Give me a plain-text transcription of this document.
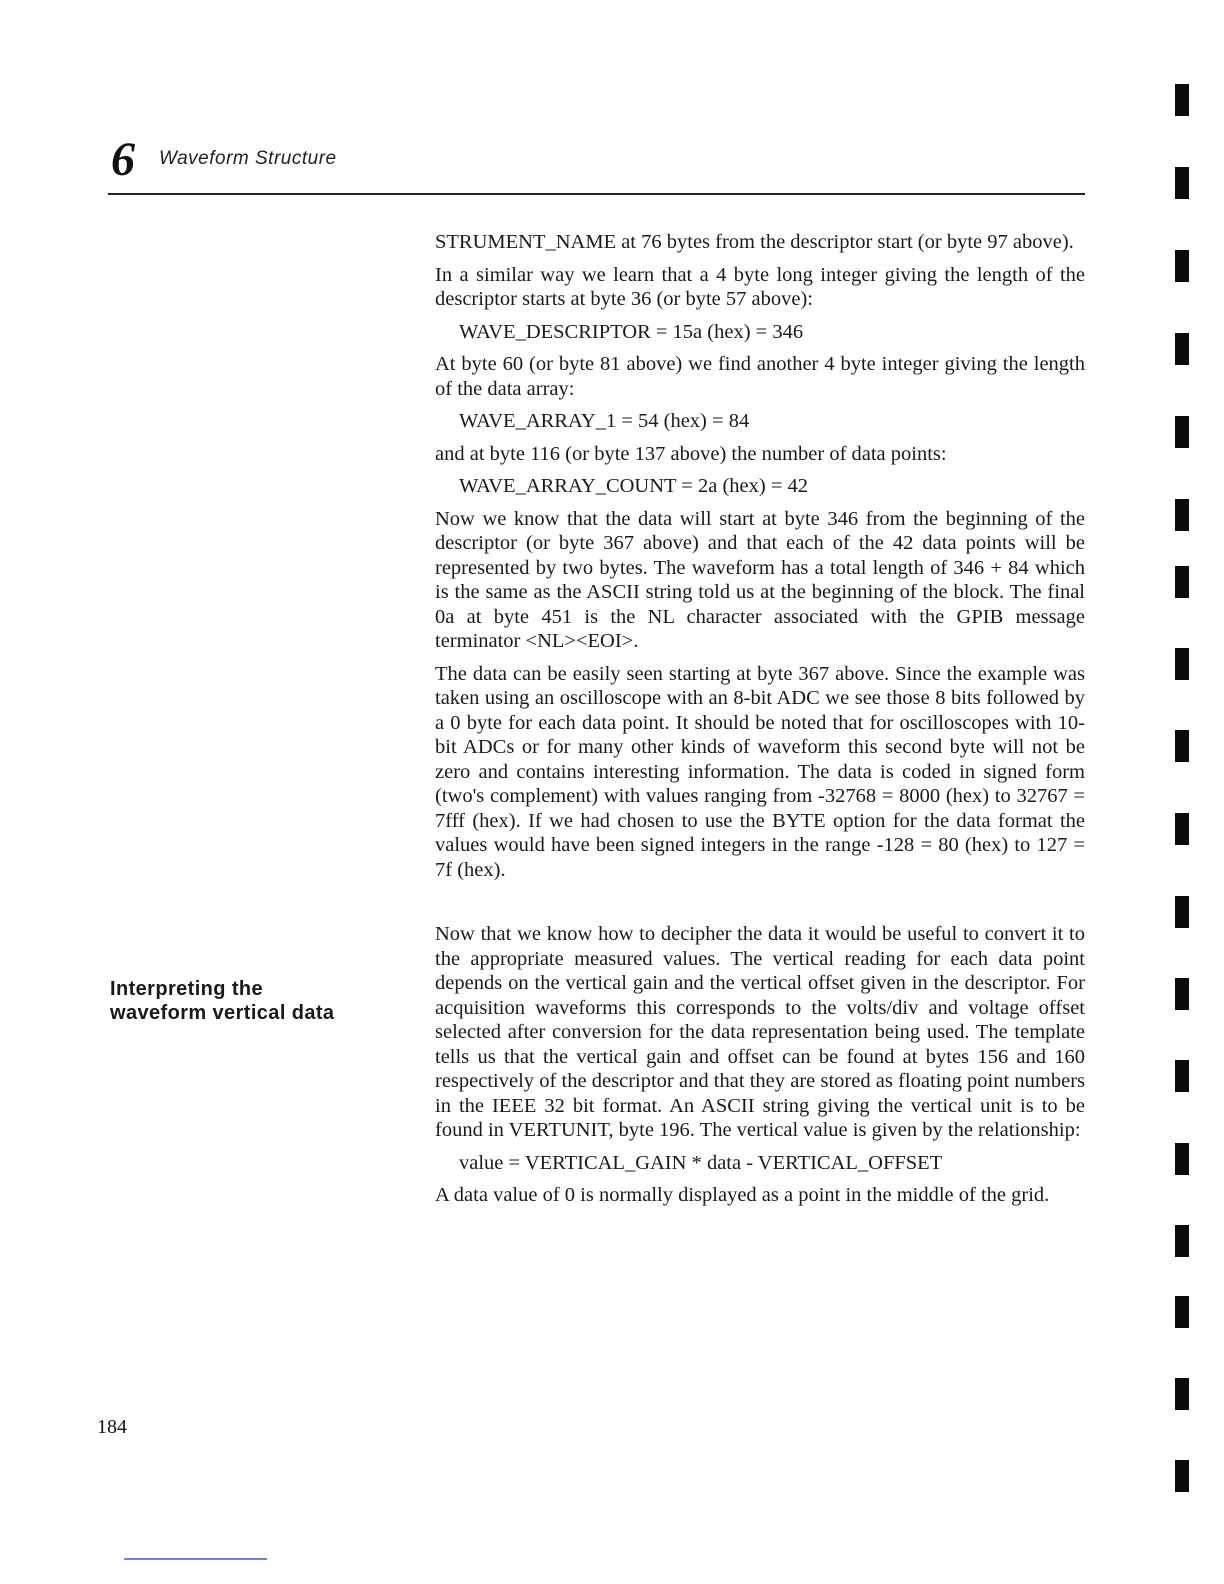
6 Waveform Structure

STRUMENT_NAME at 76 bytes from the descriptor start (or byte 97 above).

In a similar way we learn that a 4 byte long integer giving the length of the descriptor starts at byte 36 (or byte 57 above):

WAVE_DESCRIPTOR = 15a (hex) = 346

At byte 60 (or byte 81 above) we find another 4 byte integer giving the length of the data array:

WAVE_ARRAY_1 = 54 (hex) = 84

and at byte 116 (or byte 137 above) the number of data points:

WAVE_ARRAY_COUNT = 2a (hex) = 42

Now we know that the data will start at byte 346 from the beginning of the descriptor (or byte 367 above) and that each of the 42 data points will be represented by two bytes. The waveform has a total length of 346 + 84 which is the same as the ASCII string told us at the beginning of the block. The final 0a at byte 451 is the NL character associated with the GPIB message terminator <NL><EOI>.

The data can be easily seen starting at byte 367 above. Since the example was taken using an oscilloscope with an 8-bit ADC we see those 8 bits followed by a 0 byte for each data point. It should be noted that for oscilloscopes with 10-bit ADCs or for many other kinds of waveform this second byte will not be zero and contains interesting information. The data is coded in signed form (two's complement) with values ranging from -32768 = 8000 (hex) to 32767 = 7fff (hex). If we had chosen to use the BYTE option for the data format the values would have been signed integers in the range -128 = 80 (hex) to 127 = 7f (hex).

Now that we know how to decipher the data it would be useful to convert it to the appropriate measured values. The vertical reading for each data point depends on the vertical gain and the vertical offset given in the descriptor. For acquisition waveforms this corresponds to the volts/div and voltage offset selected after conversion for the data representation being used. The template tells us that the vertical gain and offset can be found at bytes 156 and 160 respectively of the descriptor and that they are stored as floating point numbers in the IEEE 32 bit format. An ASCII string giving the vertical unit is to be found in VERTUNIT, byte 196. The vertical value is given by the relationship:

value = VERTICAL_GAIN * data - VERTICAL_OFFSET

A data value of 0 is normally displayed as a point in the middle of the grid.

Interpreting the
waveform vertical data
184
